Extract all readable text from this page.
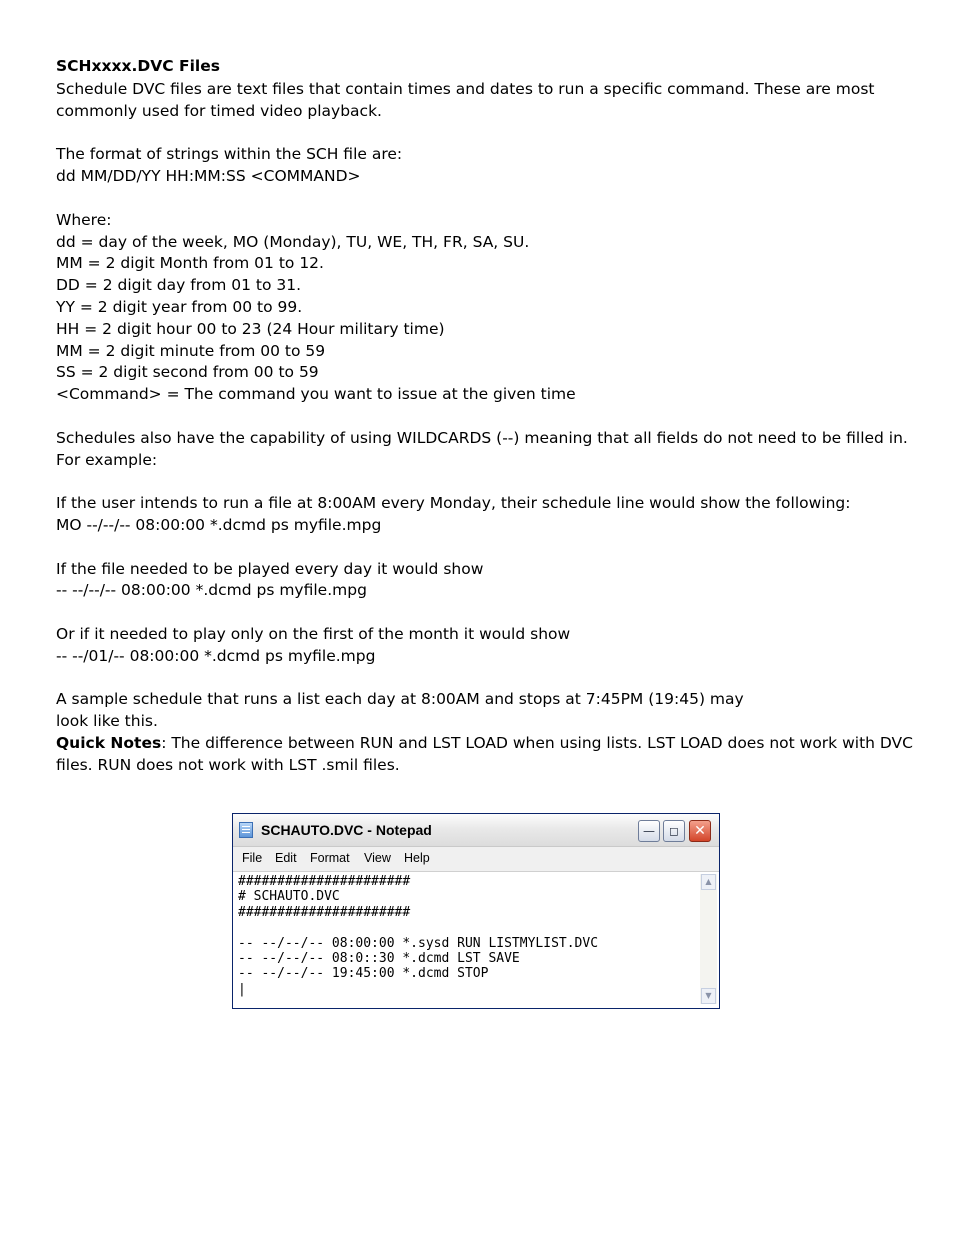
SCHxxxx.DVC Files

Schedule DVC files are text files that contain times and dates to run a specific command. These are most commonly used for timed video playback.

The format of strings within the SCH file are:

dd MM/DD/YY HH:MM:SS <COMMAND>

Where:

dd = day of the week, MO (Monday), TU, WE, TH, FR, SA, SU.

MM = 2 digit Month from 01 to 12.

DD = 2 digit day from 01 to 31.

YY = 2 digit year from 00 to 99.

HH = 2 digit hour 00 to 23 (24 Hour military time)

MM = 2 digit minute from 00 to 59

SS = 2 digit second from 00 to 59

<Command> = The command you want to issue at the given time

Schedules also have the capability of using WILDCARDS (--) meaning that all fields do not need to be filled in. For example:

If the user intends to run a file at 8:00AM every Monday, their schedule line would show the following:

MO --/--/-- 08:00:00 *.dcmd ps myfile.mpg

If the file needed to be played every day it would show

-- --/--/-- 08:00:00 *.dcmd ps myfile.mpg

Or if it needed to play only on the first of the month it would show

-- --/01/-- 08:00:00 *.dcmd ps myfile.mpg

A sample schedule that runs a list each day at 8:00AM and stops at 7:45PM (19:45) may

look like this.

Quick Notes: The difference between RUN and LST LOAD when using lists. LST LOAD does not work with DVC files. RUN does not work with LST .smil files.

SCHAUTO.DVC - Notepad	—	◻	✕
File Edit Format View Help
######################
# SCHAUTO.DVC
######################

-- --/--/-- 08:00:00 *.sysd RUN LISTMYLIST.DVC
-- --/--/-- 08:0::30 *.dcmd LST SAVE
-- --/--/-- 19:45:00 *.dcmd STOP
|
▲
▼
